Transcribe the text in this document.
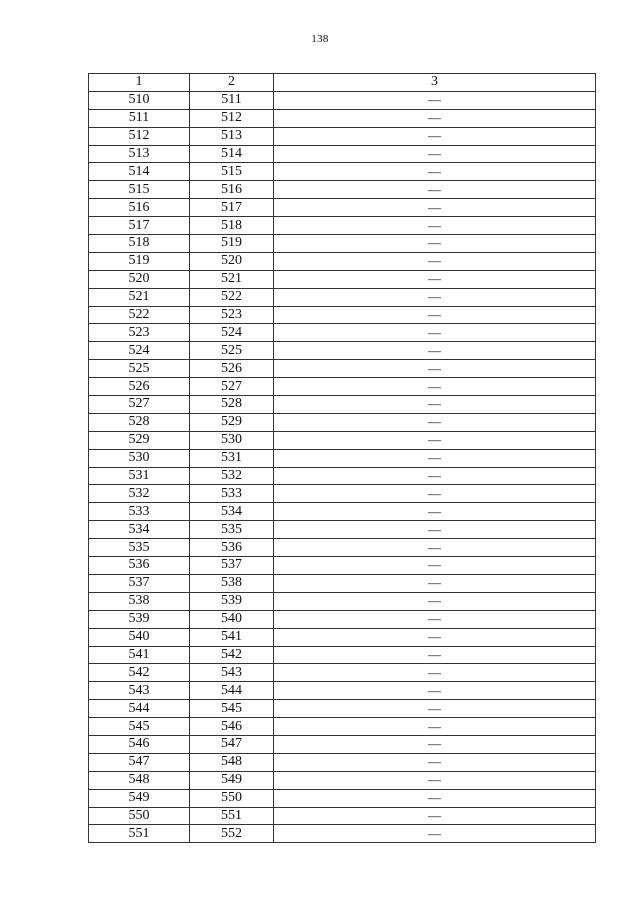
138
1	2	3
510	511	—
511	512	—
512	513	—
513	514	—
514	515	—
515	516	—
516	517	—
517	518	—
518	519	—
519	520	—
520	521	—
521	522	—
522	523	—
523	524	—
524	525	—
525	526	—
526	527	—
527	528	—
528	529	—
529	530	—
530	531	—
531	532	—
532	533	—
533	534	—
534	535	—
535	536	—
536	537	—
537	538	—
538	539	—
539	540	—
540	541	—
541	542	—
542	543	—
543	544	—
544	545	—
545	546	—
546	547	—
547	548	—
548	549	—
549	550	—
550	551	—
551	552	—
